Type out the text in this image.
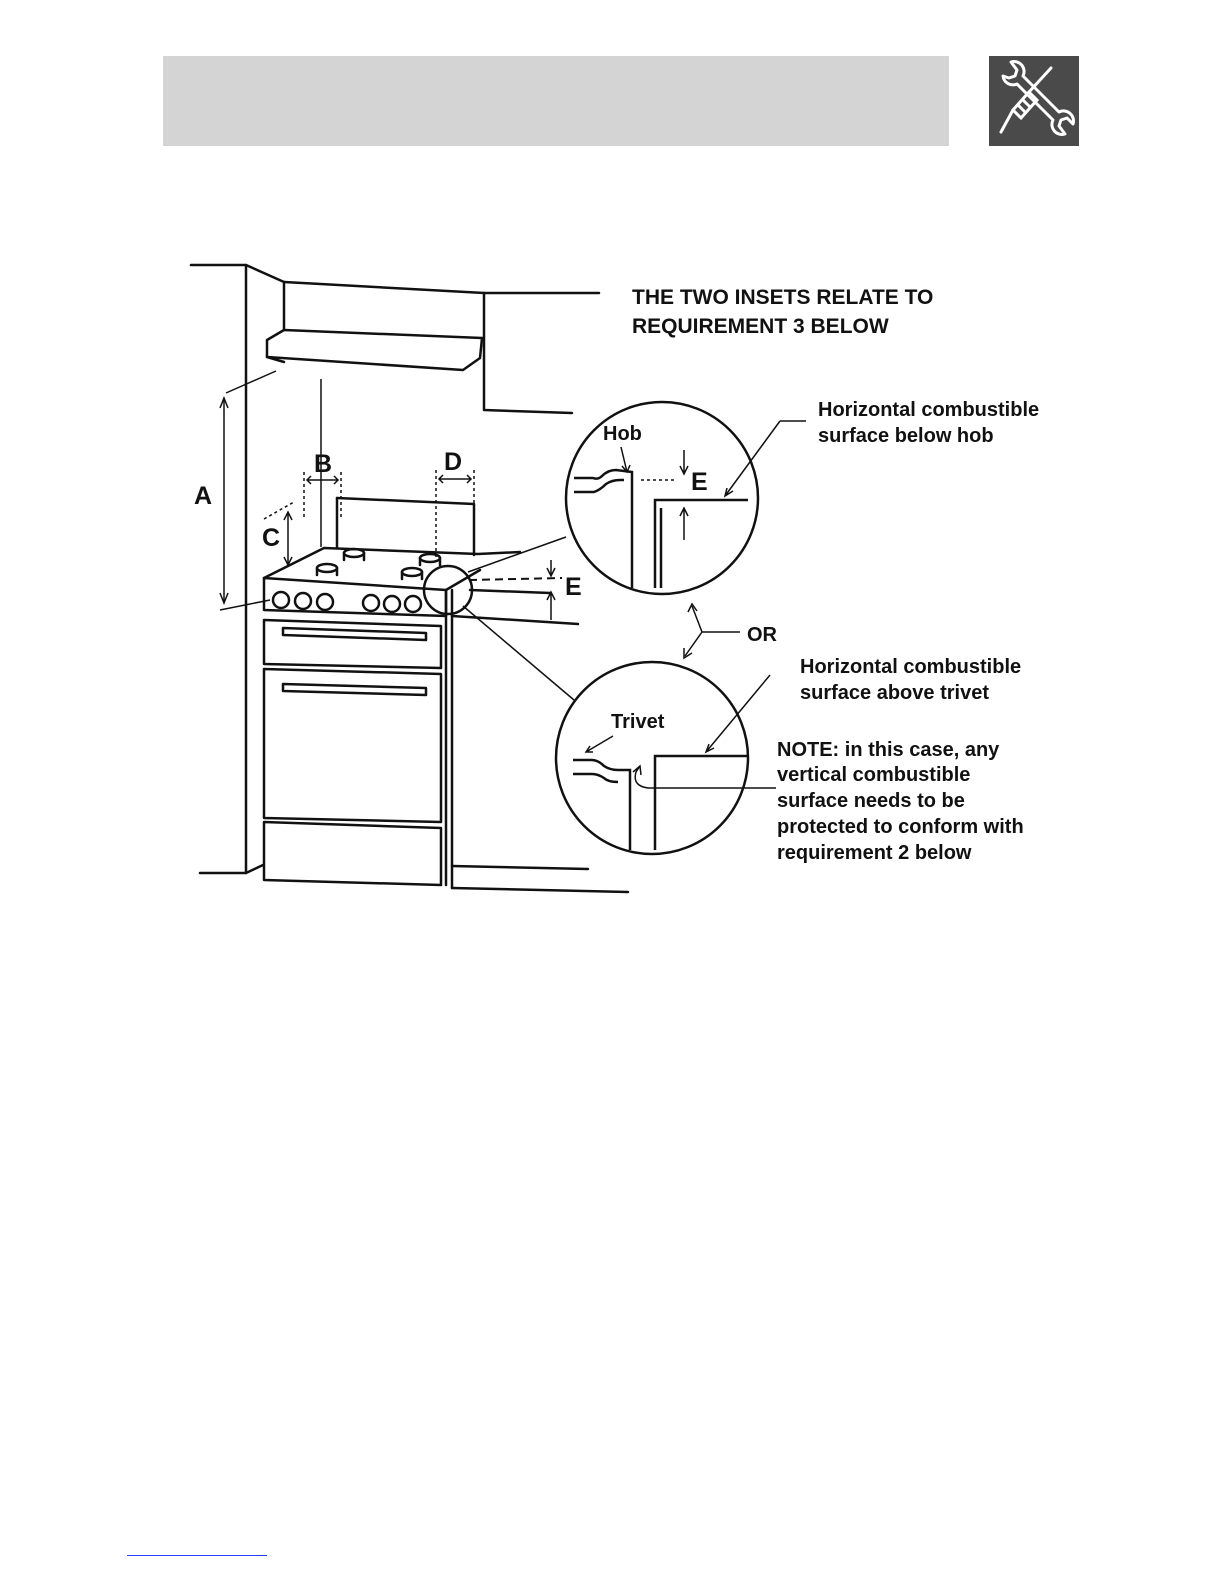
A
B
C
D
E
E
THE TWO INSETS RELATE TO
REQUIREMENT 3 BELOW
Hob
Horizontal combustible
surface below hob
OR
Horizontal combustible
surface above trivet
Trivet
NOTE: in this case, any
vertical combustible
surface needs to be
protected to conform with
requirement 2 below
